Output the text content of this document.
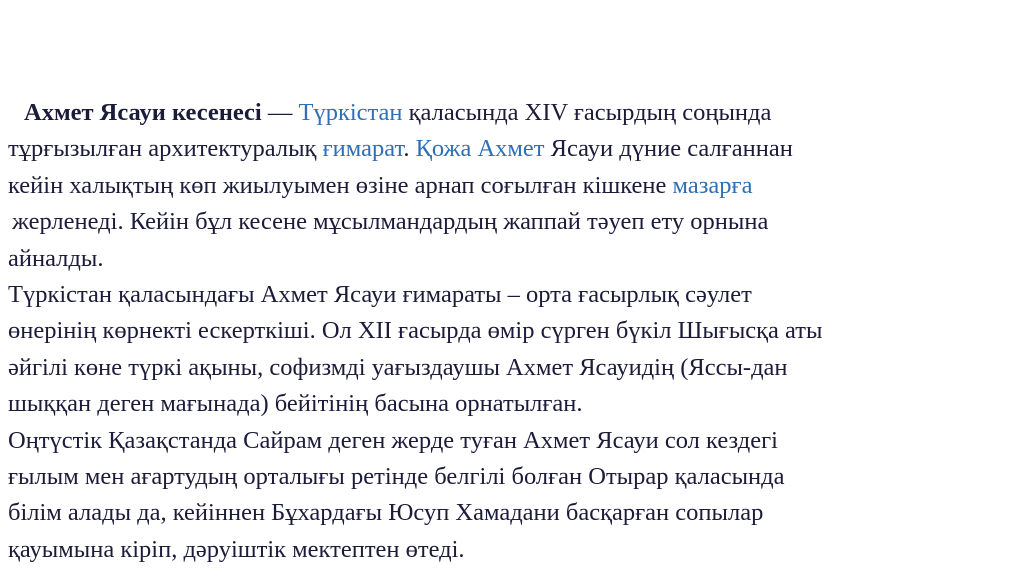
Ахмет Ясауи кесенесі — Түркістан қаласында XIV ғасырдың соңында
тұрғызылған архитектуралық ғимарат. Қожа Ахмет Ясауи дүние салғаннан
кейін халықтың көп жиылуымен өзіне арнап соғылған кішкене мазарға
жерленеді. Кейін бұл кесене мұсылмандардың жаппай тәуеп ету орнына
айналды.
Түркістан қаласындағы Ахмет Ясауи ғимараты – орта ғасырлық сәулет
өнерінің көрнекті ескерткіші. Ол XII ғасырда өмір сүрген бүкіл Шығысқа аты
әйгілі көне түркі ақыны, софизмді уағыздаушы Ахмет Ясауидің (Яссы-дан
шыққан деген мағынада) бейітінің басына орнатылған.
Оңтүстік Қазақстанда Сайрам деген жерде туған Ахмет Ясауи сол кездегі
ғылым мен ағартудың орталығы ретінде белгілі болған Отырар қаласында
білім алады да, кейіннен Бұхардағы Юсуп Хамадани басқарған сопылар
қауымына кіріп, дәруіштік мектептен өтеді.
